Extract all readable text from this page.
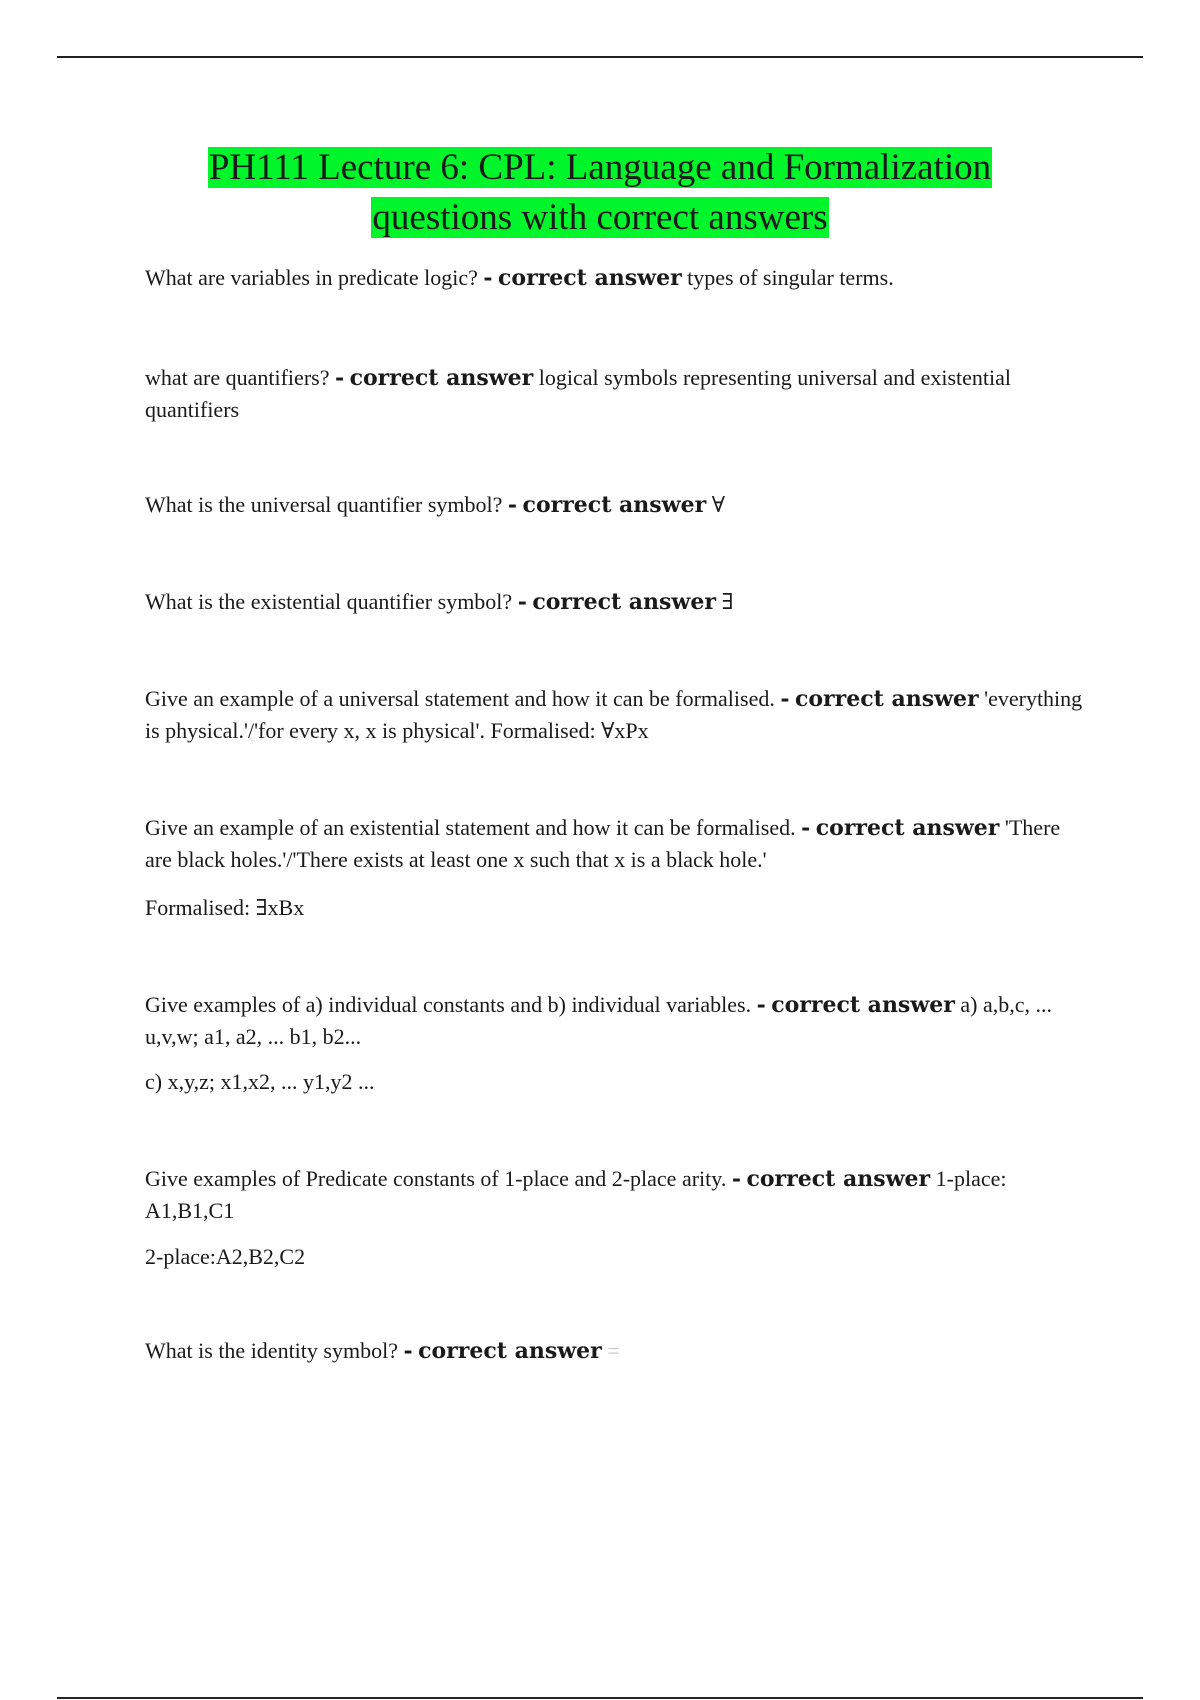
PH111 Lecture 6: CPL: Language and Formalization
questions with correct answers

What are variables in predicate logic? - correct answer types of singular terms.

what are quantifiers? - correct answer logical symbols representing universal and existential quantifiers

What is the universal quantifier symbol? - correct answer ∀

What is the existential quantifier symbol? - correct answer ∃

Give an example of a universal statement and how it can be formalised. - correct answer 'everything is physical.'/'for every x, x is physical'. Formalised: ∀xPx

Give an example of an existential statement and how it can be formalised. - correct answer 'There are black holes.'/'There exists at least one x such that x is a black hole.'

Formalised: ∃xBx

Give examples of a) individual constants and b) individual variables. - correct answer a) a,b,c, ... u,v,w; a1, a2, ... b1, b2...

c) x,y,z; x1,x2, ... y1,y2 ...

Give examples of Predicate constants of 1-place and 2-place arity. - correct answer 1-place: A1,B1,C1

2-place:A2,B2,C2

What is the identity symbol? - correct answer =
